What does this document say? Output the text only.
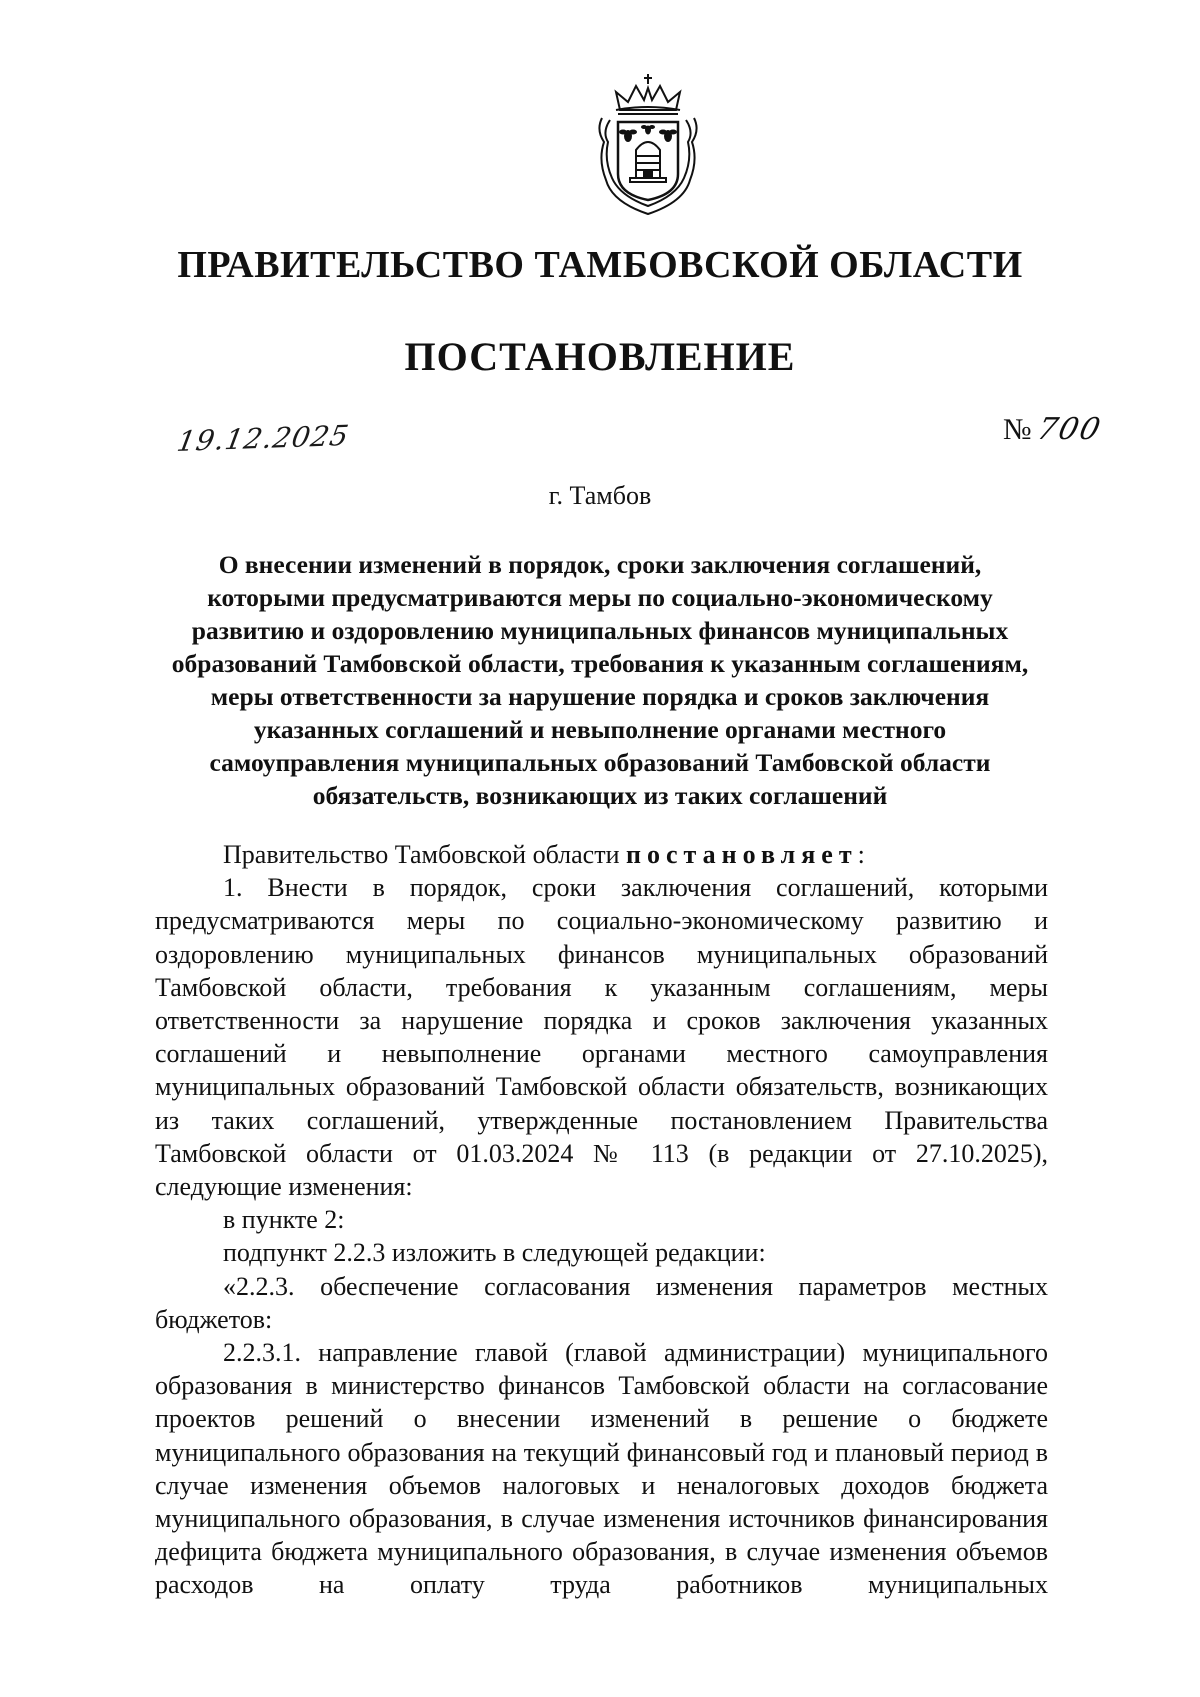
ПРАВИТЕЛЬСТВО ТАМБОВСКОЙ ОБЛАСТИ
ПОСТАНОВЛЕНИЕ
19.12.2025	№700
г. Тамбов
О внесении изменений в порядок, сроки заключения соглашений,
которыми предусматриваются меры по социально-экономическому
развитию и оздоровлению муниципальных финансов муниципальных
образований Тамбовской области, требования к указанным соглашениям,
меры ответственности за нарушение порядка и сроков заключения
указанных соглашений и невыполнение органами местного
самоуправления муниципальных образований Тамбовской области
обязательств, возникающих из таких соглашений

Правительство Тамбовской области постановляет:

1. Внести в порядок, сроки заключения соглашений, которыми предусматриваются меры по социально-экономическому развитию и оздоровлению муниципальных финансов муниципальных образований Тамбовской области, требования к указанным соглашениям, меры ответственности за нарушение порядка и сроков заключения указанных соглашений и невыполнение органами местного самоуправления муниципальных образований Тамбовской области обязательств, возникающих из таких соглашений, утвержденные постановлением Правительства Тамбовской области от 01.03.2024 № 113 (в редакции от 27.10.2025), следующие изменения:

в пункте 2:

подпункт 2.2.3 изложить в следующей редакции:

«2.2.3. обеспечение согласования изменения параметров местных бюджетов:

2.2.3.1. направление главой (главой администрации) муниципального образования в министерство финансов Тамбовской области на согласование проектов решений о внесении изменений в решение о бюджете муниципального образования на текущий финансовый год и плановый период в случае изменения объемов налоговых и неналоговых доходов бюджета муниципального образования, в случае изменения источников финансирования дефицита бюджета муниципального образования, в случае изменения объемов расходов на оплату труда работников муниципальных
